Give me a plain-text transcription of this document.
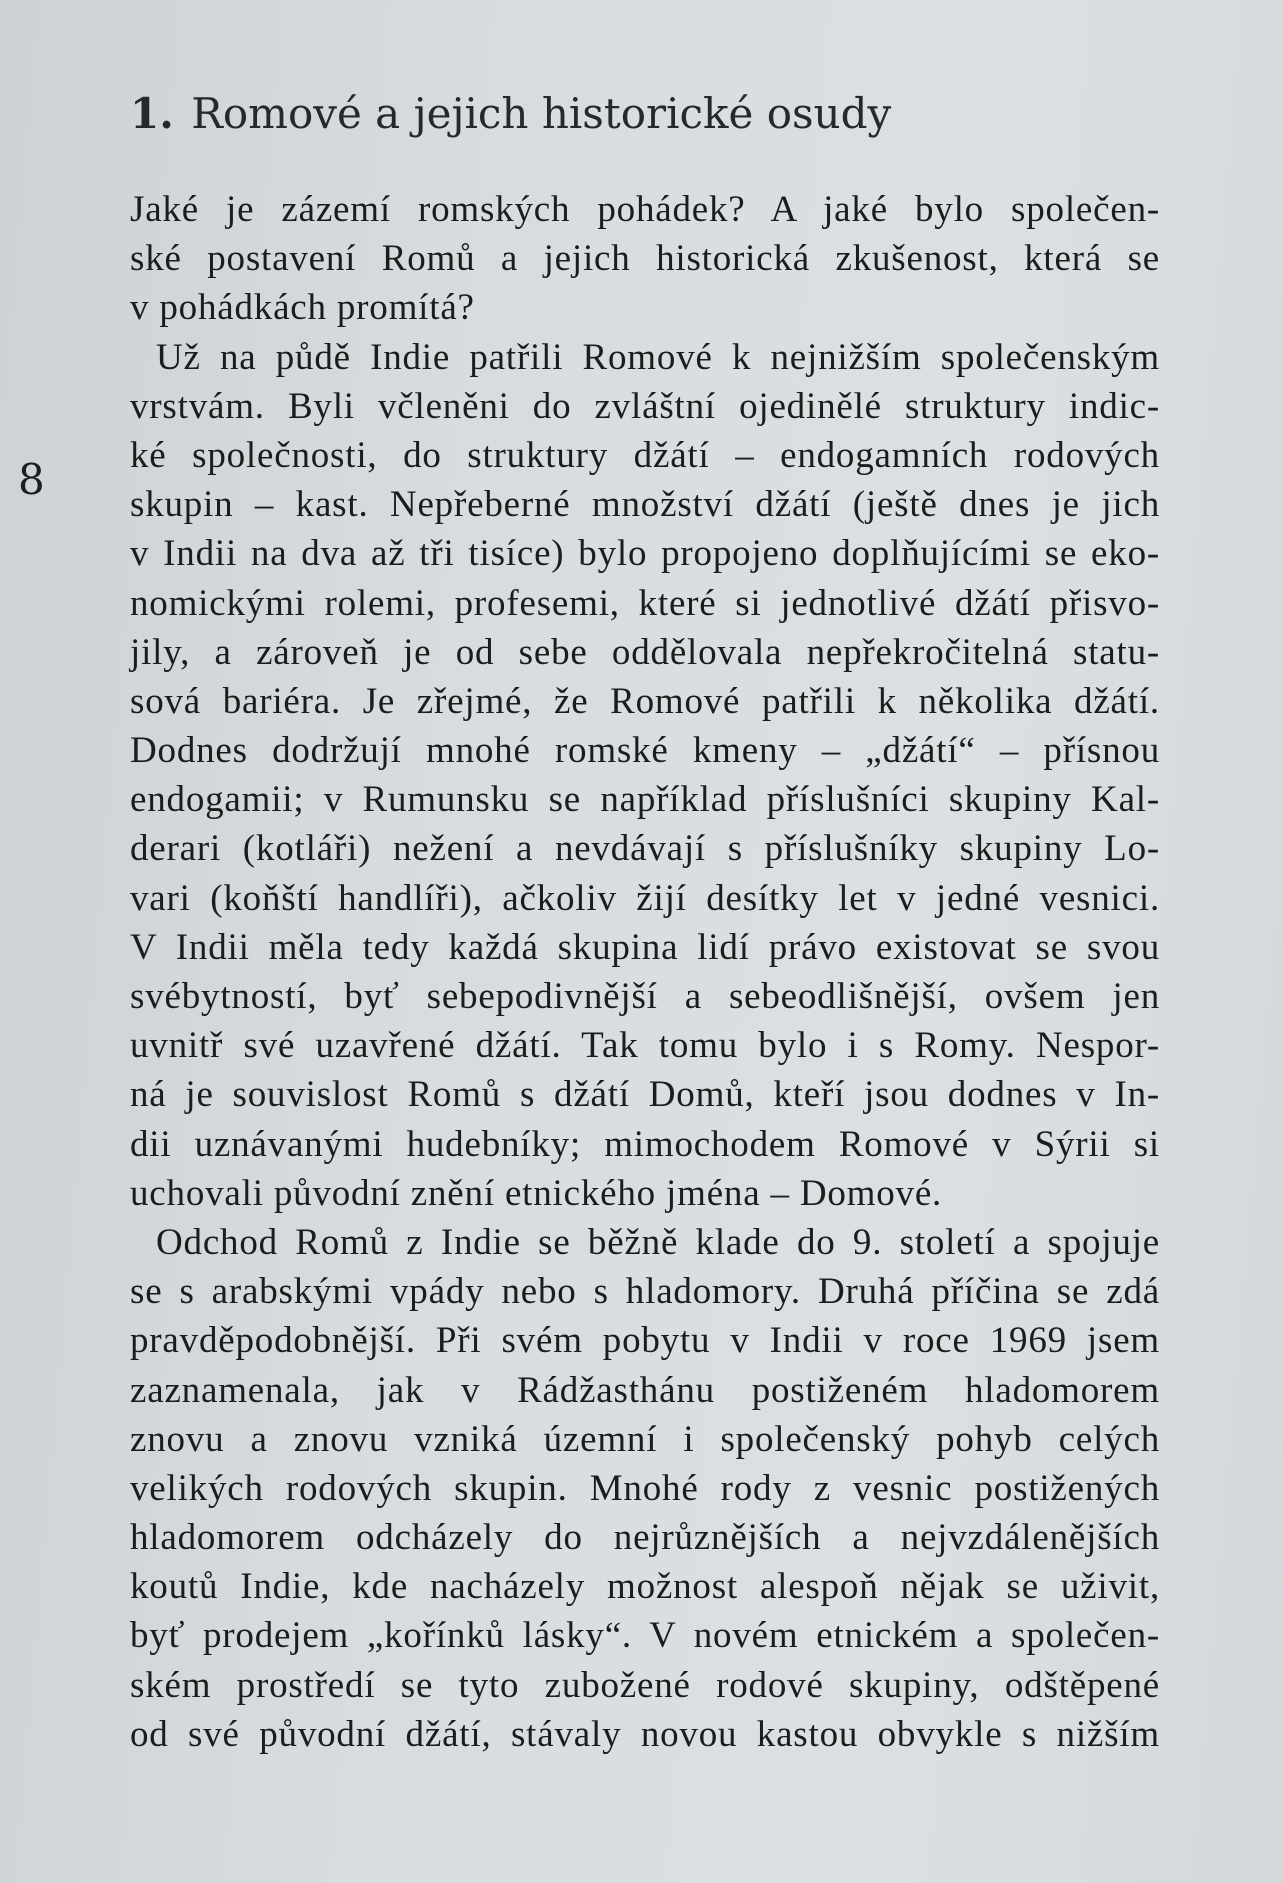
1. Romové a jejich historické osudy
8
Jaké je zázemí romských pohádek? A jaké bylo společen-
ské postavení Romů a jejich historická zkušenost, která se
v pohádkách promítá?
Už na půdě Indie patřili Romové k nejnižším společenským
vrstvám. Byli včleněni do zvláštní ojedinělé struktury indic-
ké společnosti, do struktury džátí – endogamních rodových
skupin – kast. Nepřeberné množství džátí (ještě dnes je jich
v Indii na dva až tři tisíce) bylo propojeno doplňujícími se eko-
nomickými rolemi, profesemi, které si jednotlivé džátí přisvo-
jily, a zároveň je od sebe oddělovala nepřekročitelná statu-
sová bariéra. Je zřejmé, že Romové patřili k několika džátí.
Dodnes dodržují mnohé romské kmeny – „džátí“ – přísnou
endogamii; v Rumunsku se například příslušníci skupiny Kal-
derari (kotláři) nežení a nevdávají s příslušníky skupiny Lo-
vari (koňští handlíři), ačkoliv žijí desítky let v jedné vesnici.
V Indii měla tedy každá skupina lidí právo existovat se svou
svébytností, byť sebepodivnější a sebeodlišnější, ovšem jen
uvnitř své uzavřené džátí. Tak tomu bylo i s Romy. Nespor-
ná je souvislost Romů s džátí Domů, kteří jsou dodnes v In-
dii uznávanými hudebníky; mimochodem Romové v Sýrii si
uchovali původní znění etnického jména – Domové.
Odchod Romů z Indie se běžně klade do 9. století a spojuje
se s arabskými vpády nebo s hladomory. Druhá příčina se zdá
pravděpodobnější. Při svém pobytu v Indii v roce 1969 jsem
zaznamenala, jak v Rádžasthánu postiženém hladomorem
znovu a znovu vzniká územní i společenský pohyb celých
velikých rodových skupin. Mnohé rody z vesnic postižených
hladomorem odcházely do nejrůznějších a nejvzdálenějších
koutů Indie, kde nacházely možnost alespoň nějak se uživit,
byť prodejem „kořínků lásky“. V novém etnickém a společen-
ském prostředí se tyto zubožené rodové skupiny, odštěpené
od své původní džátí, stávaly novou kastou obvykle s nižším
